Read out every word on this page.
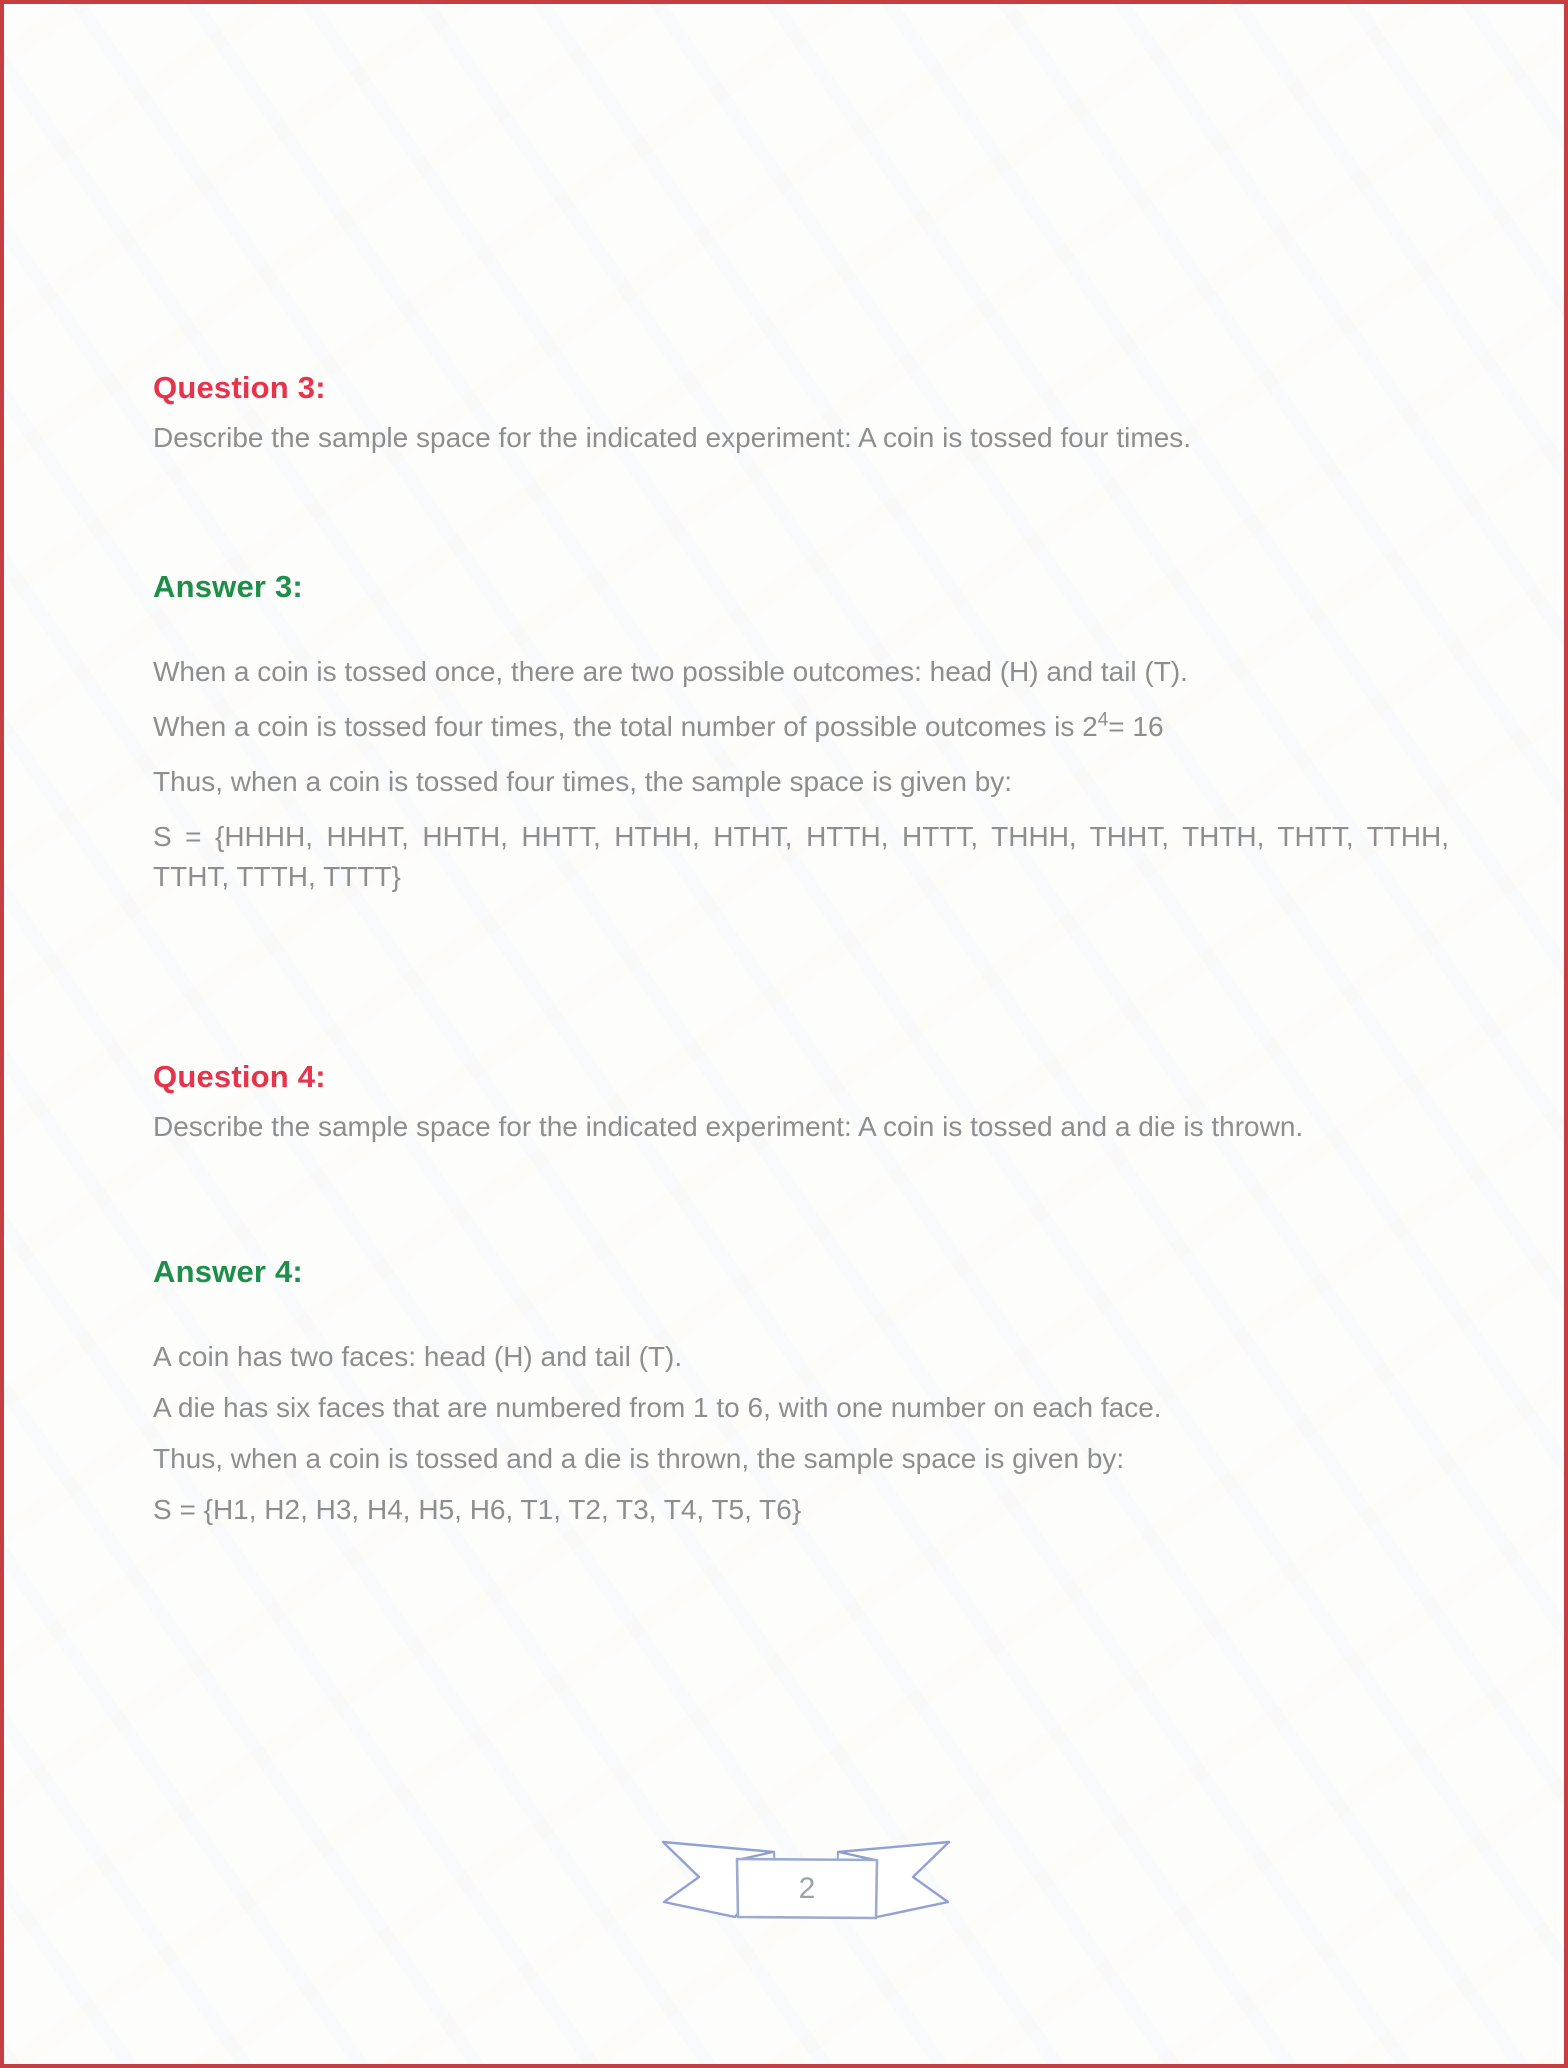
Question 3:

Describe the sample space for the indicated experiment: A coin is tossed four times.

Answer 3:

When a coin is tossed once, there are two possible outcomes: head (H) and tail (T).

When a coin is tossed four times, the total number of possible outcomes is $2^4= 16$

Thus, when a coin is tossed four times, the sample space is given by:

S = {HHHH, HHHT, HHTH, HHTT, HTHH, HTHT, HTTH, HTTT, THHH, THHT, THTH, THTT, TTHH, TTHT, TTTH, TTTT}

Question 4:

Describe the sample space for the indicated experiment: A coin is tossed and a die is thrown.

Answer 4:

A coin has two faces: head (H) and tail (T).

A die has six faces that are numbered from 1 to 6, with one number on each face.

Thus, when a coin is tossed and a die is thrown, the sample space is given by:

S = {H1, H2, H3, H4, H5, H6, T1, T2, T3, T4, T5, T6}

2
